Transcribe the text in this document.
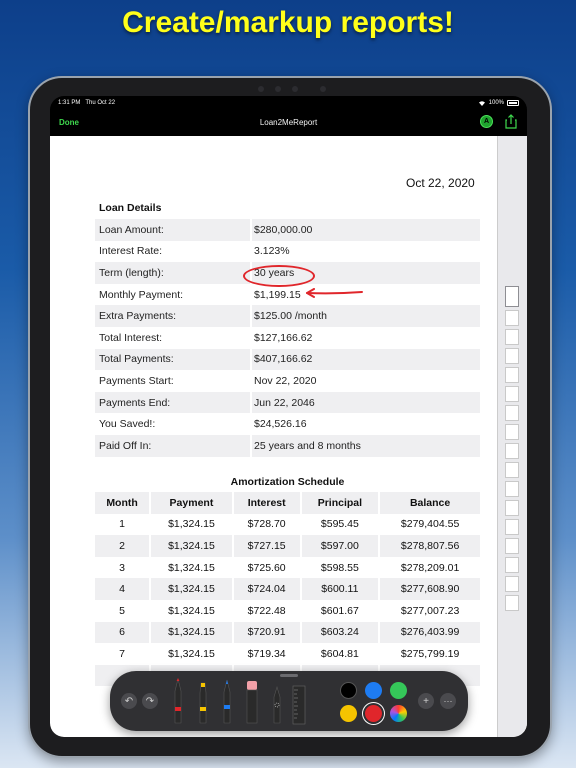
Create/markup reports!
1:31 PM Thu Oct 22	100%
Done	Loan2MeReport	A
Oct 22, 2020
Loan Details
Loan Amount:	$280,000.00
Interest Rate:	3.123%
Term (length):	30 years
Monthly Payment:	$1,199.15
Extra Payments:	$125.00 /month
Total Interest:	$127,166.62
Total Payments:	$407,166.62
Payments Start:	Nov 22, 2020
Payments End:	Jun 22, 2046
You Saved!:	$24,526.16
Paid Off In:	25 years and 8 months
Amortization Schedule
Month	Payment	Interest	Principal	Balance
1	$1,324.15	$728.70	$595.45	$279,404.55
2	$1,324.15	$727.15	$597.00	$278,807.56
3	$1,324.15	$725.60	$598.55	$278,209.01
4	$1,324.15	$724.04	$600.11	$277,608.90
5	$1,324.15	$722.48	$601.67	$277,007.23
6	$1,324.15	$720.91	$603.24	$276,403.99
7	$1,324.15	$719.34	$604.81	$275,799.19

↶	↷	+	···
